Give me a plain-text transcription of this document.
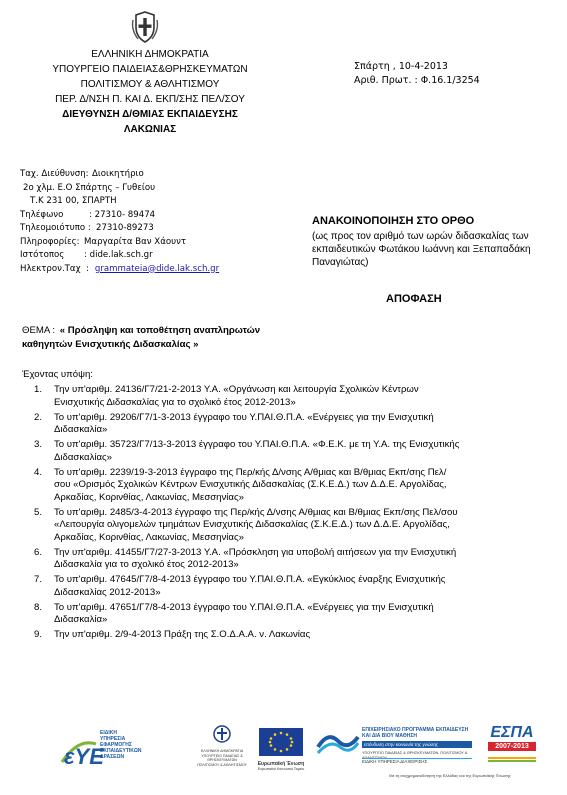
ΕΛΛΗΝΙΚΗ ΔΗΜΟΚΡΑΤΙΑ
ΥΠΟΥΡΓΕΙΟ ΠΑΙΔΕΙΑΣ&ΘΡΗΣΚΕΥΜΑΤΩΝ
ΠΟΛΙΤΙΣΜΟΥ & ΑΘΛΗΤΙΣΜΟΥ
ΠΕΡ. Δ/ΝΣΗ Π. ΚΑΙ Δ. ΕΚΠ/ΣΗΣ ΠΕΛ/ΣΟΥ
ΔΙΕΥΘΥΝΣΗ Δ/ΘΜΙΑΣ ΕΚΠΑΙΔΕΥΣΗΣ
ΛΑΚΩΝΙΑΣ
Σπάρτη , 10-4-2013
Αριθ. Πρωτ. : Φ.16.1/3254
Ταχ. Διεύθυνση: Διοικητήριο
2ο χλμ. Ε.Ο Σπάρτης – Γυθείου
Τ.Κ 231 00, ΣΠΑΡΤΗ
Τηλέφωνο	: 27310- 89474
Τηλεομοιότυπο : 27310-89273
Πληροφορίες: Μαργαρίτα Βαν Χάουντ
Ιστότοπος	: dide.lak.sch.gr
Ηλεκτρον.Ταχ : grammateia@dide.lak.sch.gr
ΑΝΑΚΟΙΝΟΠΟΙΗΣΗ ΣΤΟ ΟΡΘΟ
(ως προς τον αριθμό των ωρών διδασκαλίας των εκπαιδευτικών Φωτάκου Ιωάννη και Ξεπαπαδάκη Παναγιώτας)
ΑΠΟΦΑΣΗ
ΘΕΜΑ : « Πρόσληψη και τοποθέτηση αναπληρωτών καθηγητών Ενισχυτικής Διδασκαλίας »
Έχοντας υπόψη:
1. Την υπ'αριθμ. 24136/Γ7/21-2-2013 Υ.Α. «Οργάνωση και λειτουργία Σχολικών Κέντρων Ενισχυτικής Διδασκαλίας για το σχολικό έτος 2012-2013»
2. Το υπ'αριθμ. 29206/Γ7/1-3-2013 έγγραφο του Υ.ΠΑΙ.Θ.Π.Α. «Ενέργειες για την Ενισχυτική Διδασκαλία»
3. Το υπ'αριθμ. 35723/Γ7/13-3-2013 έγγραφο του Υ.ΠΑΙ.Θ.Π.Α. «Φ.Ε.Κ. με τη Υ.Α. της Ενισχυτικής Διδασκαλίας»
4. Το υπ'αριθμ. 2239/19-3-2013 έγγραφο της Περ/κής Δ/νσης Α/θμιας και Β/θμιας Εκπ/σης Πελ/σου «Ορισμός Σχολικών Κέντρων Ενισχυτικής Διδασκαλίας (Σ.Κ.Ε.Δ.) των Δ.Δ.Ε. Αργολίδας, Αρκαδίας, Κορινθίας, Λακωνίας, Μεσσηνίας»
5. Το υπ'αριθμ. 2485/3-4-2013 έγγραφο της Περ/κής Δ/νσης Α/θμιας και Β/θμιας Εκπ/σης Πελ/σου «Λειτουργία ολιγομελών τμημάτων Ενισχυτικής Διδασκαλίας (Σ.Κ.Ε.Δ.) των Δ.Δ.Ε. Αργολίδας, Αρκαδίας, Κορινθίας, Λακωνίας, Μεσσηνίας»
6. Την υπ'αριθμ. 41455/Γ7/27-3-2013 Υ.Α. «Πρόσκληση για υποβολή αιτήσεων για την Ενισχυτική Διδασκαλία για το σχολικό έτος 2012-2013»
7. Το υπ'αριθμ. 47645/Γ7/8-4-2013 έγγραφο του Υ.ΠΑΙ.Θ.Π.Α. «Εγκύκλιος έναρξης Ενισχυτικής Διδασκαλίας 2012-2013»
8. Το υπ'αριθμ. 47651/Γ7/8-4-2013 έγγραφο του Υ.ΠΑΙ.Θ.Π.Α. «Ενέργειες για την Ενισχυτική Διδασκαλία»
9. Την υπ'αριθμ. 2/9-4-2013 Πράξη της Σ.Ο.Δ.Α.Α. ν. Λακωνίας
εΥΕ
ΕΙΔΙΚΗ ΥΠΗΡΕΣΙΑ ΕΦΑΡΜΟΓΗΣ ΕΚΠΑΙΔΕΥΤΙΚΩΝ ΔΡΑΣΕΩΝ
ΕΛΛΗΝΙΚΗ ΔΗΜΟΚΡΑΤΙΑ ΥΠΟΥΡΓΕΙΟ ΠΑΙΔΕΙΑΣ & ΘΡΗΣΚΕΥΜΑΤΩΝ ΠΟΛΙΤΙΣΜΟΥ & ΑΘΛΗΤΙΣΜΟΥ	Ευρωπαϊκή Ένωση
Ευρωπαϊκό Κοινωνικό Ταμείο
ΕΠΙΧΕΙΡΗΣΙΑΚΟ ΠΡΟΓΡΑΜΜΑ ΕΚΠΑΙΔΕΥΣΗ ΚΑΙ ΔΙΑ ΒΙΟΥ ΜΑΘΗΣΗ
επένδυση στην κοινωνία της γνώσης
ΥΠΟΥΡΓΕΙΟ ΠΑΙΔΕΙΑΣ & ΘΡΗΣΚΕΥΜΑΤΩΝ, ΠΟΛΙΤΙΣΜΟΥ & ΑΘΛΗΤΙΣΜΟΥ
ΕΙΔΙΚΗ ΥΠΗΡΕΣΙΑ ΔΙΑΧΕΙΡΙΣΗΣ
ΕΣΠΑ
2007-2013
Με τη συγχρηματοδότηση της Ελλάδας και της Ευρωπαϊκής Ένωσης
